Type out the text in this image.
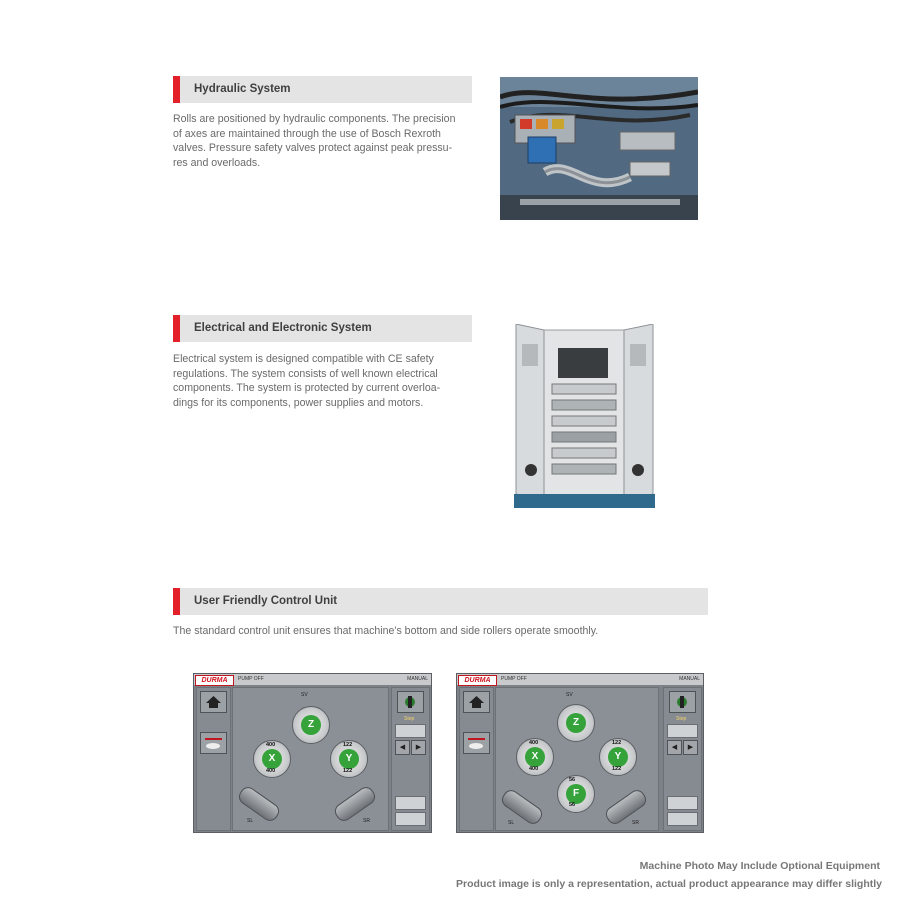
Hydraulic System
Rolls are positioned by hydraulic components. The precision
of axes are maintained through the use of Bosch Rexroth
valves. Pressure safety valves protect against peak pressu-
res and overloads.
Electrical and Electronic System
Electrical system is designed compatible with CE safety
regulations. The system consists of well known electrical
components. The system is protected by current overloa-
dings for its components, power supplies and motors.
User Friendly Control Unit
The standard control unit ensures that machine's bottom and side rollers operate smoothly.
DURMA	PUMP OFF	MANUAL
SV
Z
X	Y
400
400
122
122
SL	SR
Step
◀	▶
DURMA	PUMP OFF	MANUAL
SV
Z
X	Y
F
400
400
122
122
56
56
SL	SR
Step
◀	▶
Machine Photo May Include Optional Equipment
Product image is only a representation, actual product appearance may differ slightly
